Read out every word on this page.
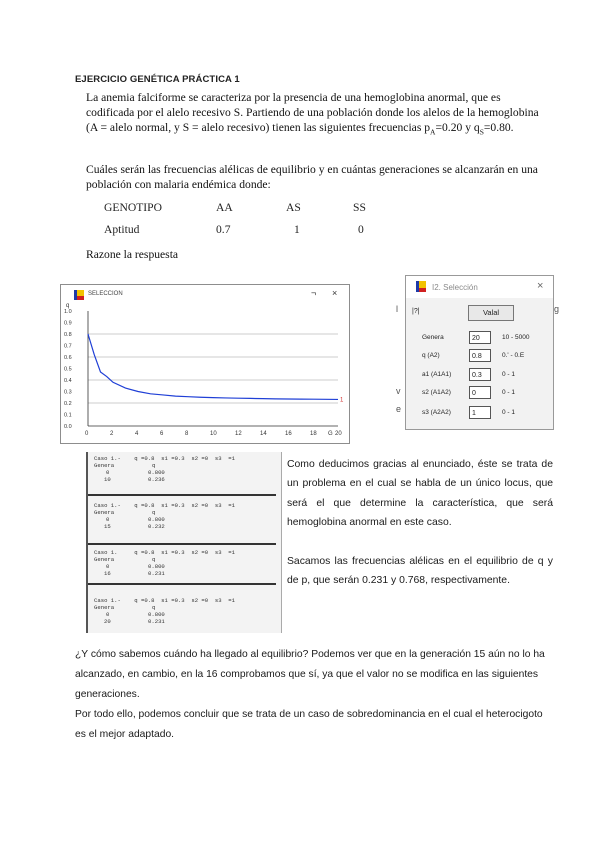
EJERCICIO GENÉTICA PRÁCTICA 1
La anemia falciforme se caracteriza por la presencia de una hemoglobina anormal, que es codificada por el alelo recesivo S. Partiendo de una población donde los alelos de la hemoglobina (A = alelo normal, y S = alelo recesivo) tienen las siguientes frecuencias $p_A=0.20$ y $q_S=0.80$.
Cuáles serán las frecuencias alélicas de equilibrio y en cuántas generaciones se alcanzarán en una población con malaria endémica donde:
GENOTIPO	AA	AS	SS
Aptitud	0.7	1	0
Razone la respuesta
SELECCION	¬ ×
0.0
0.1
0.2
0.3
0.4
0.5
0.6
0.7
0.8
0.9
1.0
q
0	2	4	6	8	10	12	14	16	18	20
G
1
I2. Selección	×
|?|	Valal
Genera	20	10 - 5000
q (A2)	0.8	0.' - 0.E
a1 (A1A1)	0.3	0 - 1
s2 (A1A2)	0	0 - 1
s3 (A2A2)	1	0 - 1
l	g
v
e
Caso 1.-    q =0.8  s1 =0.3  s2 =0  s3  =1
Genera	q
0	0.800
10	0.236
Caso 1.-    q =0.8  s1 =0.3  s2 =0  s3  =1
Genera	q
0	0.800
15	0.232
Caso 1.     q =0.8  s1 =0.3  s2 =0  s3  =1
Genera	q
0	0.800
16	0.231
Caso 1.-    q =0.8  s1 =0.3  s2 =0  s3  =1
Genera	q
0	0.800
20	0.231

Como deducimos gracias al enunciado, éste se trata de un problema en el cual se habla de un único locus, que será el que determine la característica, que será hemoglobina anormal en este caso.

Sacamos las frecuencias alélicas en el equilibrio de q y de p, que serán 0.231 y 0.768, respectivamente.

¿Y cómo sabemos cuándo ha llegado al equilibrio? Podemos ver que en la generación 15 aún no lo ha alcanzado, en cambio, en la 16 comprobamos que sí, ya que el valor no se modifica en las siguientes generaciones.

Por todo ello, podemos concluir que se trata de un caso de sobredominancia en el cual el heterocigoto es el mejor adaptado.
